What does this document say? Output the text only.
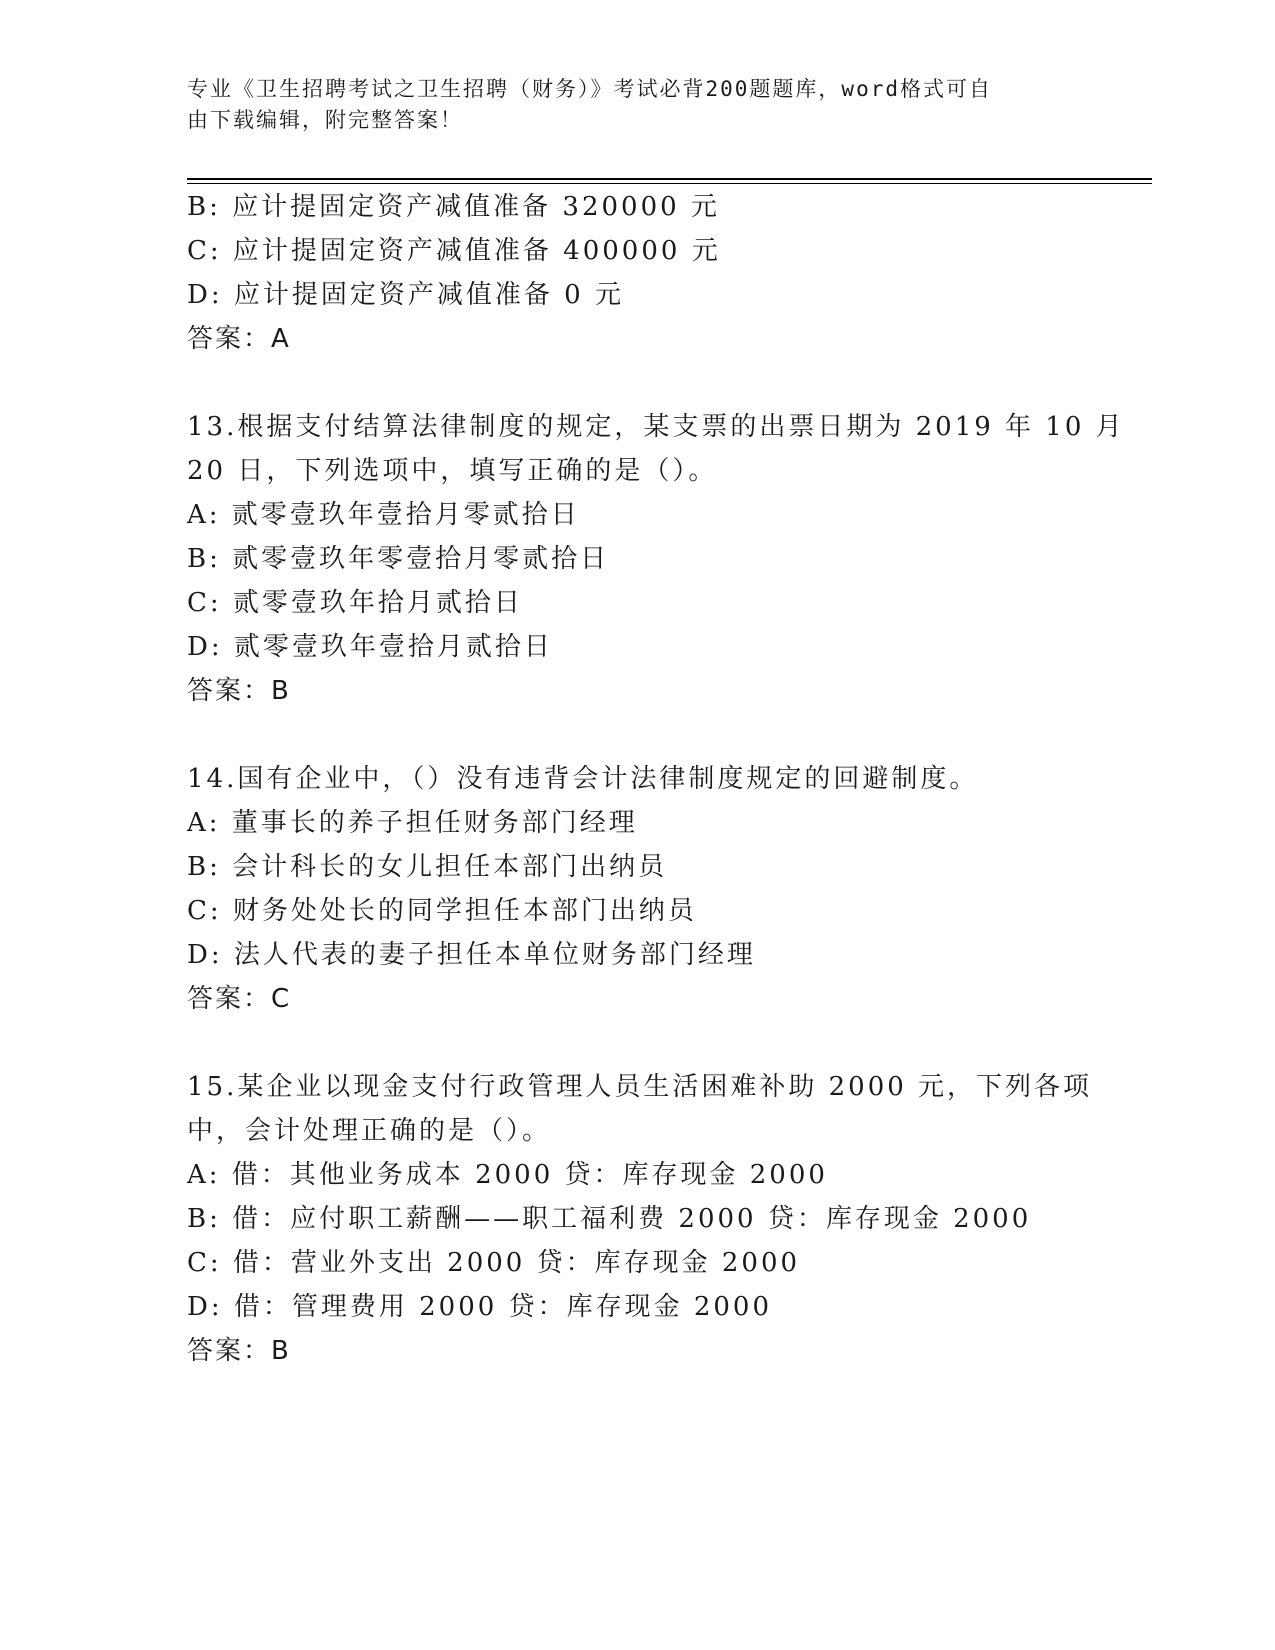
专业《卫生招聘考试之卫生招聘（财务）》考试必背200题题库，word格式可自
由下载编辑，附完整答案！
B: 应计提固定资产减值准备 320000 元
C: 应计提固定资产减值准备 400000 元
D: 应计提固定资产减值准备 0 元
答案：A
13.根据支付结算法律制度的规定，某支票的出票日期为 2019 年 10 月
20 日，下列选项中，填写正确的是（）。
A: 贰零壹玖年壹拾月零贰拾日
B: 贰零壹玖年零壹拾月零贰拾日
C: 贰零壹玖年拾月贰拾日
D: 贰零壹玖年壹拾月贰拾日
答案：B
14.国有企业中，（）没有违背会计法律制度规定的回避制度。
A: 董事长的养子担任财务部门经理
B: 会计科长的女儿担任本部门出纳员
C: 财务处处长的同学担任本部门出纳员
D: 法人代表的妻子担任本单位财务部门经理
答案：C
15.某企业以现金支付行政管理人员生活困难补助 2000 元，下列各项
中，会计处理正确的是（）。
A: 借：其他业务成本 2000 贷：库存现金 2000
B: 借：应付职工薪酬——职工福利费 2000 贷：库存现金 2000
C: 借：营业外支出 2000 贷：库存现金 2000
D: 借：管理费用 2000 贷：库存现金 2000
答案：B
